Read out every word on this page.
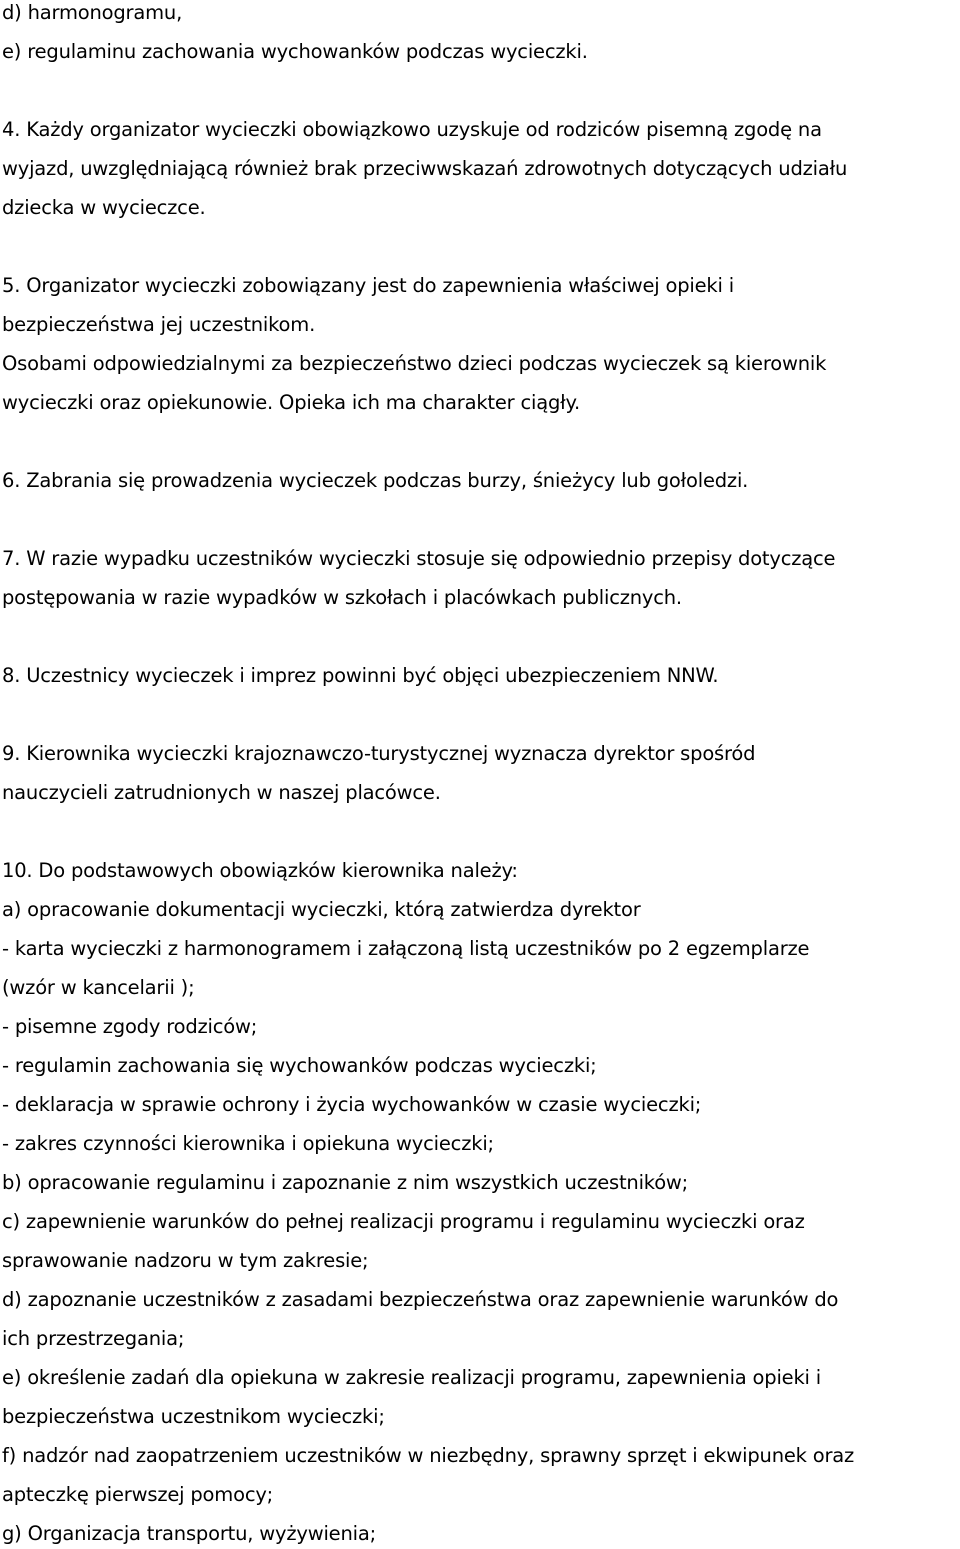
d) harmonogramu,
e) regulaminu zachowania wychowanków podczas wycieczki.
4. Każdy organizator wycieczki obowiązkowo uzyskuje od rodziców pisemną zgodę na
wyjazd, uwzględniającą również brak przeciwwskazań zdrowotnych dotyczących udziału
dziecka w wycieczce.
5. Organizator wycieczki zobowiązany jest do zapewnienia właściwej opieki i
bezpieczeństwa jej uczestnikom.
Osobami odpowiedzialnymi za bezpieczeństwo dzieci podczas wycieczek są kierownik
wycieczki oraz opiekunowie. Opieka ich ma charakter ciągły.
6. Zabrania się prowadzenia wycieczek podczas burzy, śnieżycy lub gołoledzi.
7. W razie wypadku uczestników wycieczki stosuje się odpowiednio przepisy dotyczące
postępowania w razie wypadków w szkołach i placówkach publicznych.
8. Uczestnicy wycieczek i imprez powinni być objęci ubezpieczeniem NNW.
9. Kierownika wycieczki krajoznawczo-turystycznej wyznacza dyrektor spośród
nauczycieli zatrudnionych w naszej placówce.
10. Do podstawowych obowiązków kierownika należy:
a) opracowanie dokumentacji wycieczki, którą zatwierdza dyrektor
- karta wycieczki z harmonogramem i załączoną listą uczestników po 2 egzemplarze
(wzór w kancelarii );
- pisemne zgody rodziców;
- regulamin zachowania się wychowanków podczas wycieczki;
- deklaracja w sprawie ochrony i życia wychowanków w czasie wycieczki;
- zakres czynności kierownika i opiekuna wycieczki;
b) opracowanie regulaminu i zapoznanie z nim wszystkich uczestników;
c) zapewnienie warunków do pełnej realizacji programu i regulaminu wycieczki oraz
sprawowanie nadzoru w tym zakresie;
d) zapoznanie uczestników z zasadami bezpieczeństwa oraz zapewnienie warunków do
ich przestrzegania;
e) określenie zadań dla opiekuna w zakresie realizacji programu, zapewnienia opieki i
bezpieczeństwa uczestnikom wycieczki;
f) nadzór nad zaopatrzeniem uczestników w niezbędny, sprawny sprzęt i ekwipunek oraz
apteczkę pierwszej pomocy;
g) Organizacja transportu, wyżywienia;
